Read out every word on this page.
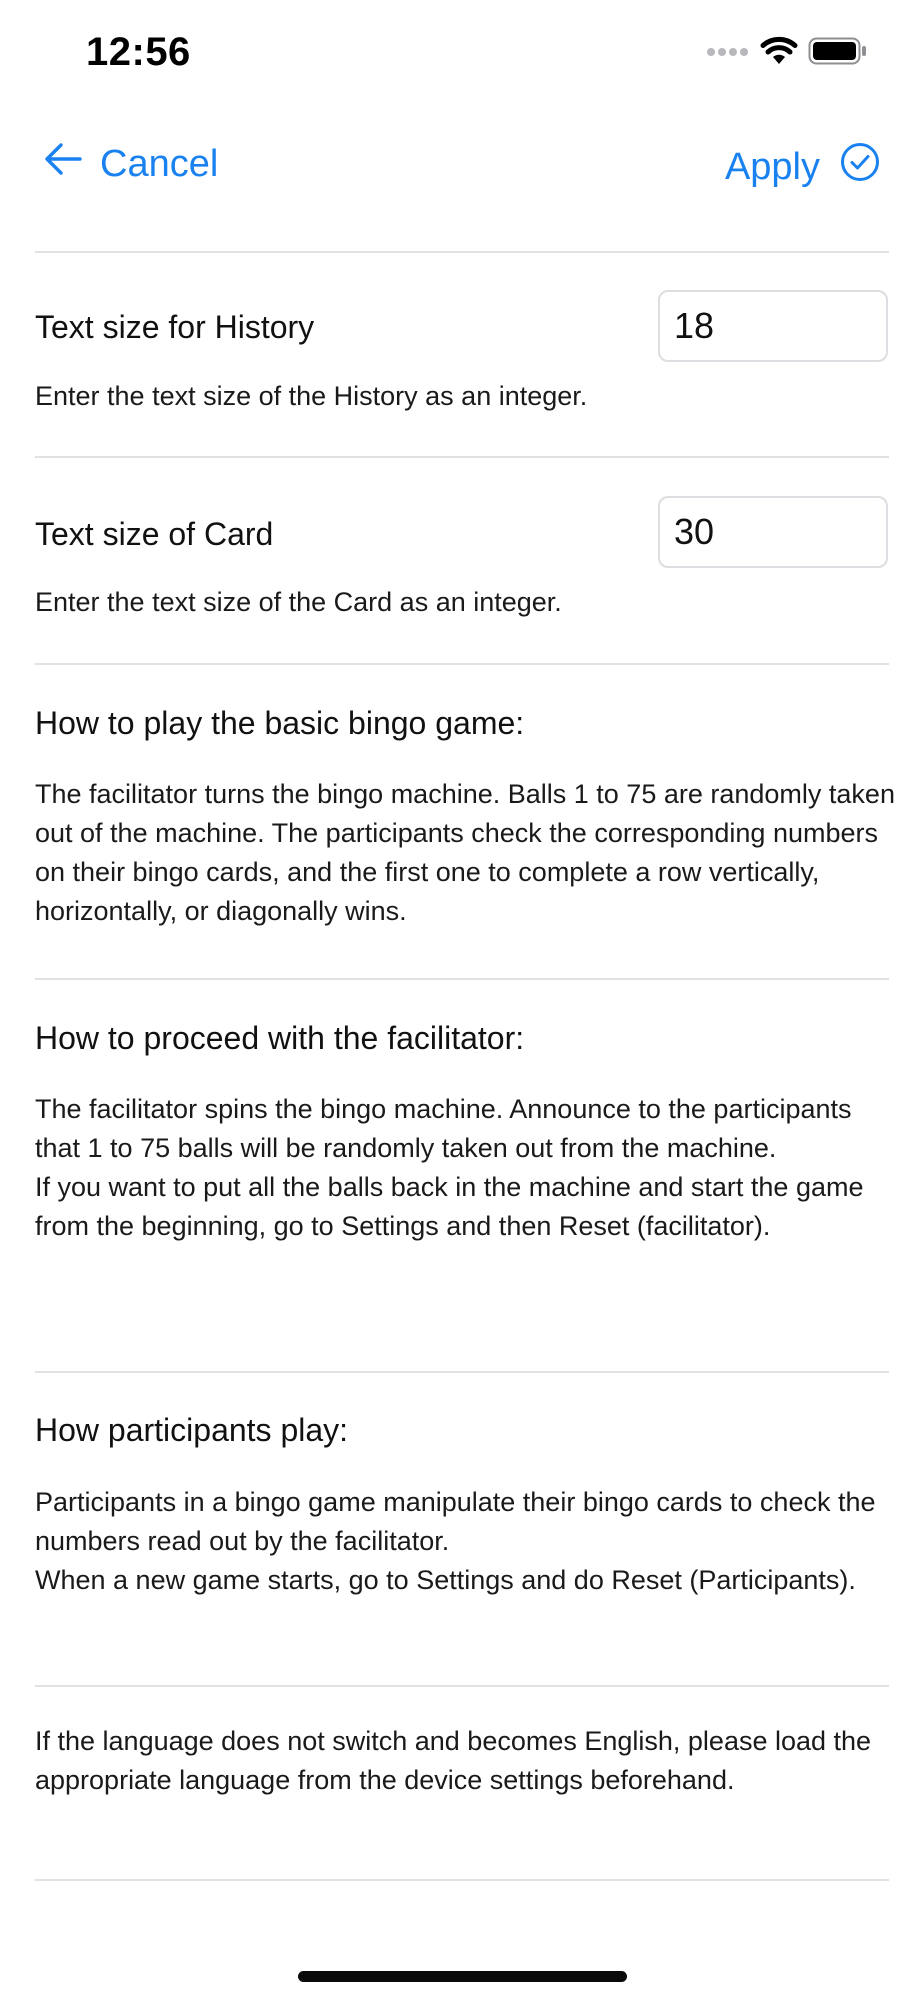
12:56
Cancel	Apply
Text size for History
18
Enter the text size of the History as an integer.
Text size of Card
30
Enter the text size of the Card as an integer.
How to play the basic bingo game:
The facilitator turns the bingo machine. Balls 1 to 75 are randomly taken out of the machine. The participants check the corresponding numbers on their bingo cards, and the first one to complete a row vertically, horizontally, or diagonally wins.
How to proceed with the facilitator:
The facilitator spins the bingo machine. Announce to the participants that 1 to 75 balls will be randomly taken out from the machine.
If you want to put all the balls back in the machine and start the game from the beginning, go to Settings and then Reset (facilitator).
How participants play:
Participants in a bingo game manipulate their bingo cards to check the numbers read out by the facilitator.
When a new game starts, go to Settings and do Reset (Participants).
If the language does not switch and becomes English, please load the appropriate language from the device settings beforehand.
